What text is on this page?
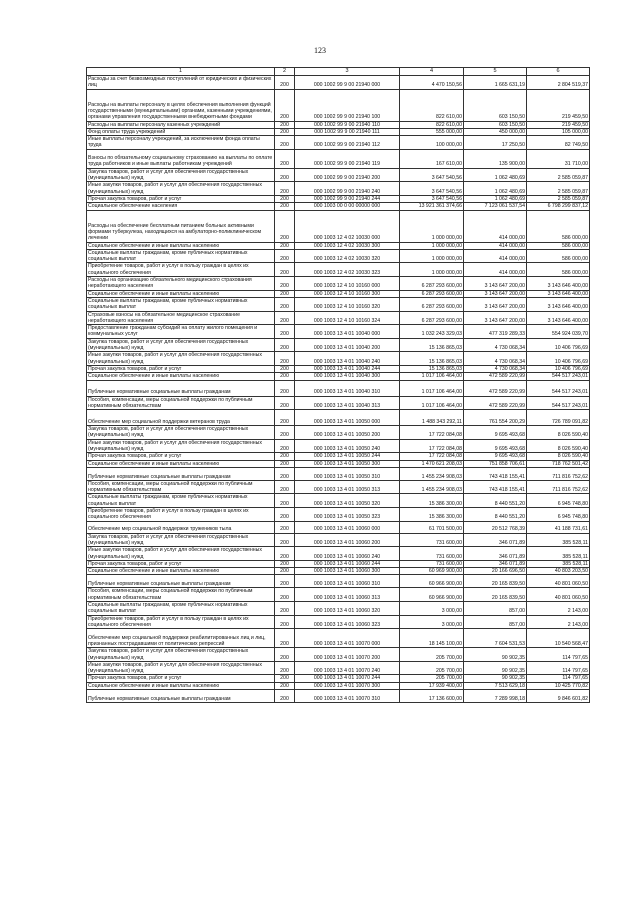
123
1	2	3	4	5	6
Расходы за счет безвозмездных поступлений от юридических и физических лиц	200	000 1002 99 9 00 21940 000	4 470 150,56	1 665 631,19	2 804 519,37
Расходы на выплаты персоналу в целях обеспечения выполнения функций государственными (муниципальными) органами, казенными учреждениями, органами управления государственными внебюджетными фондами	200	000 1002 99 9 00 21940 100	822 610,00	603 150,50	219 459,50
Расходы на выплаты персоналу казенных учреждений	200	000 1002 99 9 00 21940 110	822 610,00	603 150,50	219 459,50
Фонд оплаты труда учреждений	200	000 1002 99 9 00 21940 111	555 000,00	450 000,00	105 000,00
Иные выплаты персоналу учреждений, за исключением фонда оплаты труда	200	000 1002 99 9 00 21940 112	100 000,00	17 250,50	82 749,50
Взносы по обязательному социальному страхованию на выплаты по оплате труда работников и иные выплаты работникам учреждений	200	000 1002 99 9 00 21940 119	167 610,00	135 900,00	31 710,00
Закупка товаров, работ и услуг для обеспечения государственных (муниципальных) нужд	200	000 1002 99 9 00 21940 200	3 647 540,56	1 062 480,69	2 585 059,87
Иные закупки товаров, работ и услуг для обеспечения государственных (муниципальных) нужд	200	000 1002 99 9 00 21940 240	3 647 540,56	1 062 480,69	2 585 059,87
Прочая закупка товаров, работ и услуг	200	000 1002 99 9 00 21940 244	3 647 540,56	1 062 480,69	2 585 059,87
Социальное обеспечение населения	200	000 1003 00 0 00 00000 000	13 921 361 374,66	7 123 061 537,54	6 798 299 837,12
Расходы на обеспечение бесплатным питанием больных активными формами туберкулеза, находящихся на амбулаторно-поликлиническом лечении	200	000 1003 12 4 02 10030 000	1 000 000,00	414 000,00	586 000,00
Социальное обеспечение и иные выплаты населению	200	000 1003 12 4 02 10030 300	1 000 000,00	414 000,00	586 000,00
Социальные выплаты гражданам, кроме публичных нормативных социальных выплат	200	000 1003 12 4 02 10030 320	1 000 000,00	414 000,00	586 000,00
Приобретение товаров, работ и услуг в пользу граждан в целях их социального обеспечения	200	000 1003 12 4 02 10030 323	1 000 000,00	414 000,00	586 000,00
Расходы на организацию обязательного медицинского страхования неработающего населения	200	000 1003 12 4 10 10160 000	6 287 293 600,00	3 143 647 200,00	3 143 646 400,00
Социальное обеспечение и иные выплаты населению	200	000 1003 12 4 10 10160 300	6 287 293 600,00	3 143 647 200,00	3 143 646 400,00
Социальные выплаты гражданам, кроме публичных нормативных социальных выплат	200	000 1003 12 4 10 10160 320	6 287 293 600,00	3 143 647 200,00	3 143 646 400,00
Страховые взносы на обязательное медицинское страхование неработающего населения	200	000 1003 12 4 10 10160 324	6 287 293 600,00	3 143 647 200,00	3 143 646 400,00
Предоставление гражданам субсидий на оплату жилого помещения и коммунальных услуг	200	000 1003 13 4 01 10040 000	1 032 243 329,03	477 319 289,33	554 924 039,70
Закупка товаров, работ и услуг для обеспечения государственных (муниципальных) нужд	200	000 1003 13 4 01 10040 200	15 136 865,03	4 730 068,34	10 406 796,69
Иные закупки товаров, работ и услуг для обеспечения государственных (муниципальных) нужд	200	000 1003 13 4 01 10040 240	15 136 865,03	4 730 068,34	10 406 796,69
Прочая закупка товаров, работ и услуг	200	000 1003 13 4 01 10040 244	15 136 865,03	4 730 068,34	10 406 796,69
Социальное обеспечение и иные выплаты населению	200	000 1003 13 4 01 10040 300	1 017 106 464,00	472 589 220,99	544 517 243,01
Публичные нормативные социальные выплаты гражданам	200	000 1003 13 4 01 10040 310	1 017 106 464,00	472 589 220,99	544 517 243,01
Пособия, компенсации, меры социальной поддержки по публичным нормативным обязательствам	200	000 1003 13 4 01 10040 313	1 017 106 464,00	472 589 220,99	544 517 243,01
Обеспечение мер социальной поддержки ветеранов труда	200	000 1003 13 4 01 10050 000	1 488 343 292,11	761 554 200,29	726 789 091,82
Закупка товаров, работ и услуг для обеспечения государственных (муниципальных) нужд	200	000 1003 13 4 01 10050 200	17 722 084,08	9 695 493,68	8 026 590,40
Иные закупки товаров, работ и услуг для обеспечения государственных (муниципальных) нужд	200	000 1003 13 4 01 10050 240	17 722 084,08	9 695 493,68	8 026 590,40
Прочая закупка товаров, работ и услуг	200	000 1003 13 4 01 10050 244	17 722 084,08	9 695 493,68	8 026 590,40
Социальное обеспечение и иные выплаты населению	200	000 1003 13 4 01 10050 300	1 470 621 208,03	751 858 706,61	718 762 501,42
Публичные нормативные социальные выплаты гражданам	200	000 1003 13 4 01 10050 310	1 455 234 908,03	743 418 155,41	711 816 752,62
Пособия, компенсации, меры социальной поддержки по публичным нормативным обязательствам	200	000 1003 13 4 01 10050 313	1 455 234 908,03	743 418 155,41	711 816 752,62
Социальные выплаты гражданам, кроме публичных нормативных социальных выплат	200	000 1003 13 4 01 10050 320	15 386 300,00	8 440 551,20	6 945 748,80
Приобретение товаров, работ и услуг в пользу граждан в целях их социального обеспечения	200	000 1003 13 4 01 10050 323	15 386 300,00	8 440 551,20	6 945 748,80
Обеспечение мер социальной поддержки тружеников тыла	200	000 1003 13 4 01 10060 000	61 701 500,00	20 512 768,39	41 188 731,61
Закупка товаров, работ и услуг для обеспечения государственных (муниципальных) нужд	200	000 1003 13 4 01 10060 200	731 600,00	346 071,89	385 528,11
Иные закупки товаров, работ и услуг для обеспечения государственных (муниципальных) нужд	200	000 1003 13 4 01 10060 240	731 600,00	346 071,89	385 528,11
Прочая закупка товаров, работ и услуг	200	000 1003 13 4 01 10060 244	731 600,00	346 071,89	385 528,11
Социальное обеспечение и иные выплаты населению	200	000 1003 13 4 01 10060 300	60 969 900,00	20 166 696,50	40 803 203,50
Публичные нормативные социальные выплаты гражданам	200	000 1003 13 4 01 10060 310	60 966 900,00	20 165 839,50	40 801 060,50
Пособия, компенсации, меры социальной поддержки по публичным нормативным обязательствам	200	000 1003 13 4 01 10060 313	60 966 900,00	20 165 839,50	40 801 060,50
Социальные выплаты гражданам, кроме публичных нормативных социальных выплат	200	000 1003 13 4 01 10060 320	3 000,00	857,00	2 143,00
Приобретение товаров, работ и услуг в пользу граждан в целях их социального обеспечения	200	000 1003 13 4 01 10060 323	3 000,00	857,00	2 143,00
Обеспечение мер социальной поддержки реабилитированных лиц и лиц, признанных пострадавшими от политических репрессий	200	000 1003 13 4 01 10070 000	18 145 100,00	7 604 531,53	10 540 568,47
Закупка товаров, работ и услуг для обеспечения государственных (муниципальных) нужд	200	000 1003 13 4 01 10070 200	205 700,00	90 902,35	114 797,65
Иные закупки товаров, работ и услуг для обеспечения государственных (муниципальных) нужд	200	000 1003 13 4 01 10070 240	205 700,00	90 902,35	114 797,65
Прочая закупка товаров, работ и услуг	200	000 1003 13 4 01 10070 244	205 700,00	90 902,35	114 797,65
Социальное обеспечение и иные выплаты населению	200	000 1003 13 4 01 10070 300	17 939 400,00	7 513 629,18	10 425 770,82
Публичные нормативные социальные выплаты гражданам	200	000 1003 13 4 01 10070 310	17 136 600,00	7 289 998,18	9 846 601,82
